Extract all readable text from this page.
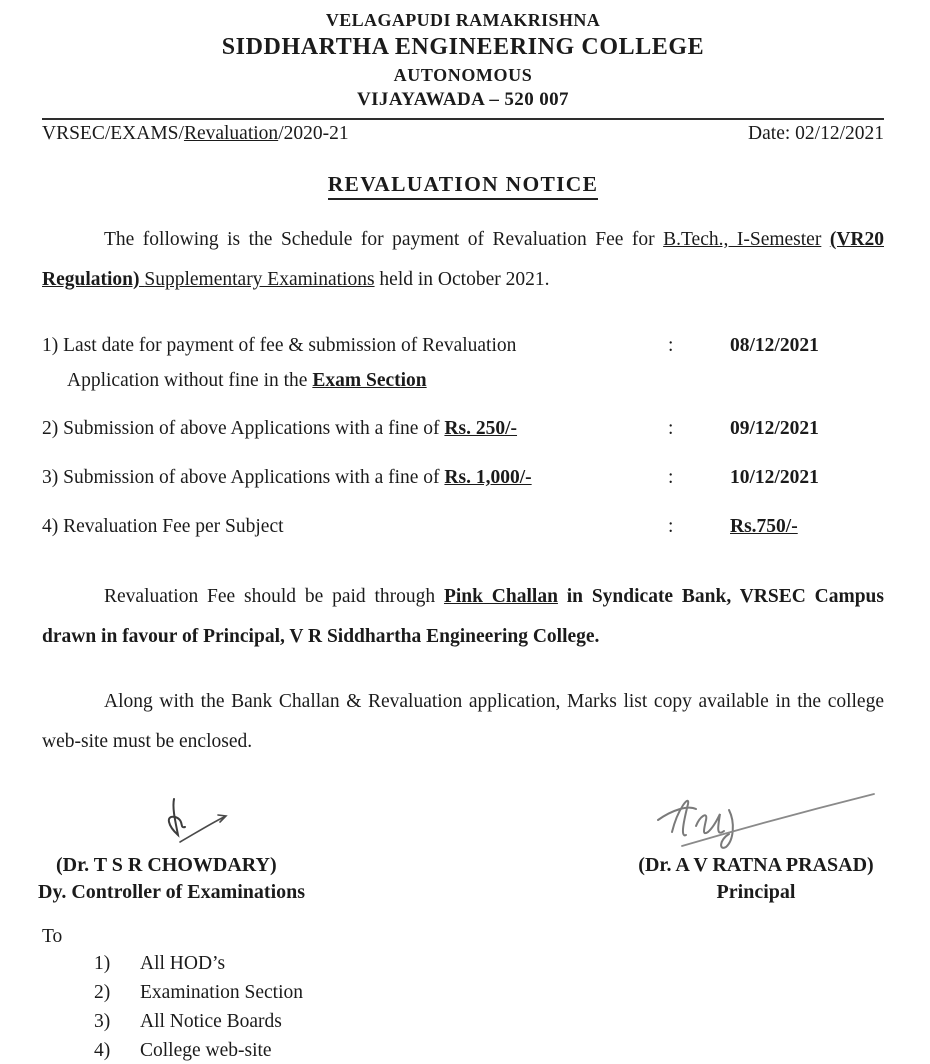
VELAGAPUDI RAMAKRISHNA
SIDDHARTHA ENGINEERING COLLEGE
AUTONOMOUS
VIJAYAWADA – 520 007
VRSEC/EXAMS/Revaluation/2020-21	Date: 02/12/2021
REVALUATION NOTICE

The following is the Schedule for payment of Revaluation Fee for B.Tech., I-Semester (VR20 Regulation) Supplementary Examinations held in October 2021.

1) Last date for payment of fee & submission of Revaluation
Application without fine in the Exam Section
:	08/12/2021
2) Submission of above Applications with a fine of Rs. 250/-	:	09/12/2021
3) Submission of above Applications with a fine of Rs. 1,000/-	:	10/12/2021
4) Revaluation Fee per Subject	:	Rs.750/-

Revaluation Fee should be paid through Pink Challan in Syndicate Bank, VRSEC Campus drawn in favour of Principal, V R Siddhartha Engineering College.

Along with the Bank Challan & Revaluation application, Marks list copy available in the college web-site must be enclosed.

(Dr. T S R CHOWDARY)
Dy. Controller of Examinations
(Dr. A V RATNA PRASAD)
Principal
To
1)	All HOD’s
2)	Examination Section
3)	All Notice Boards
4)	College web-site
